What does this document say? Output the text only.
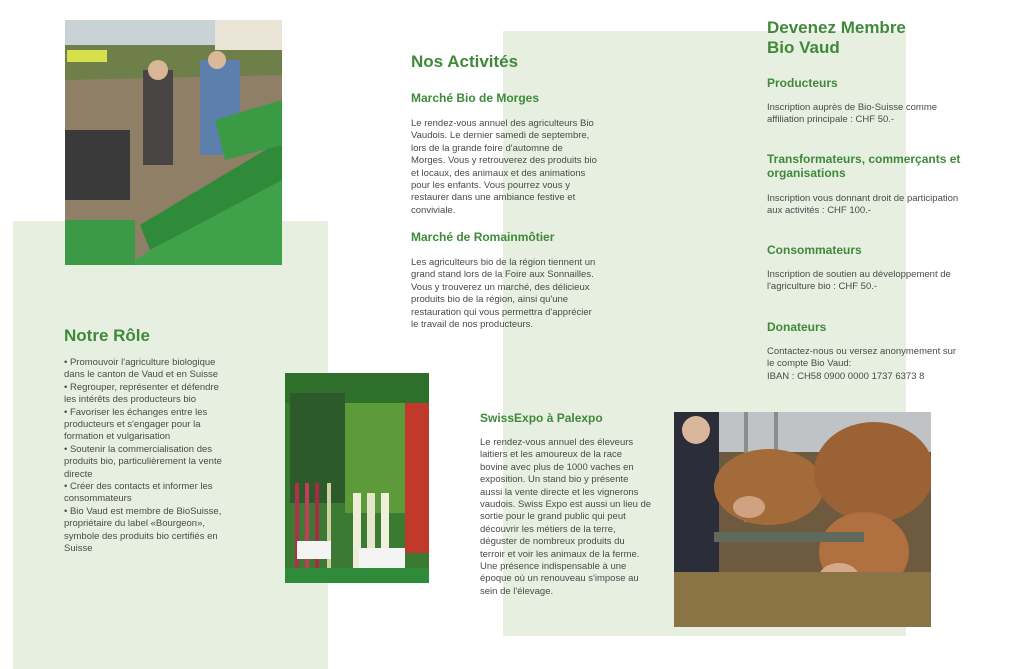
Notre Rôle
• Promouvoir l'agriculture biologique dans le canton de Vaud et en Suisse
• Regrouper, représenter et défendre les intérêts des producteurs bio
• Favoriser les échanges entre les producteurs et s'engager pour la formation et vulgarisation
• Soutenir la commercialisation des produits bio, particulièrement la vente directe
• Créer des contacts et informer les consommateurs
• Bio Vaud est membre de BioSuisse, propriétaire du label «Bourgeon», symbole des produits bio certifiés en Suisse
Nos Activités
Marché Bio de Morges

Le rendez-vous annuel des agriculteurs Bio Vaudois. Le dernier samedi de septembre, lors de la grande foire d'automne de Morges. Vous y retrouverez des produits bio et locaux, des animaux et des animations pour les enfants. Vous pourrez vous y restaurer dans une ambiance festive et conviviale.

Marché de Romainmôtier

Les agriculteurs bio de la région tiennent un grand stand lors de la Foire aux Sonnailles. Vous y trouverez un marché, des délicieux produits bio de la région, ainsi qu'une restauration qui vous permettra d'apprécier le travail de nos producteurs.

SwissExpo à Palexpo

Le rendez-vous annuel des éleveurs laitiers et les amoureux de la race bovine avec plus de 1000 vaches en exposition. Un stand bio y présente aussi la vente directe et les vignerons vaudois. Swiss Expo est aussi un lieu de sortie pour le grand public qui peut découvrir les métiers de la terre, déguster de nombreux produits du terroir et voir les animaux de la ferme. Une présence indispensable à une époque où un renouveau s'impose au sein de l'élevage.

Devenez Membre
Bio Vaud
Producteurs

Inscription auprès de Bio-Suisse comme affiliation principale : CHF 50.-

Transformateurs, commerçants et organisations

Inscription vous donnant droit de participation aux activités : CHF 100.-

Consommateurs

Inscription de soutien au développement de l'agriculture bio : CHF 50.-

Donateurs

Contactez-nous ou versez anonymement sur le compte Bio Vaud:

IBAN : CH58 0900 0000 1737 6373 8
